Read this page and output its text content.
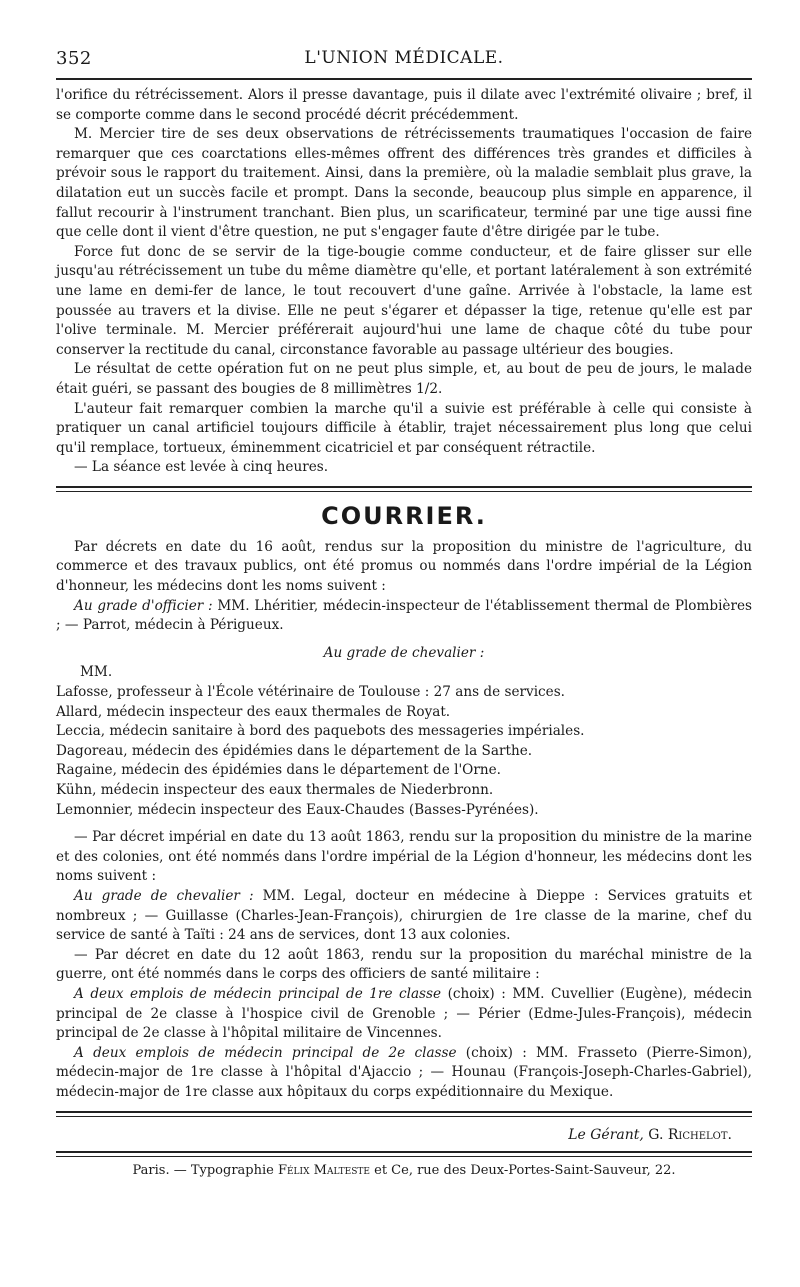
352	L'UNION MÉDICALE.

l'orifice du rétrécissement. Alors il presse davantage, puis il dilate avec l'extrémité olivaire ; bref, il se comporte comme dans le second procédé décrit précédemment.

M. Mercier tire de ses deux observations de rétrécissements traumatiques l'occasion de faire remarquer que ces coarctations elles-mêmes offrent des différences très grandes et difficiles à prévoir sous le rapport du traitement. Ainsi, dans la première, où la maladie semblait plus grave, la dilatation eut un succès facile et prompt. Dans la seconde, beaucoup plus simple en apparence, il fallut recourir à l'instrument tranchant. Bien plus, un scarificateur, terminé par une tige aussi fine que celle dont il vient d'être question, ne put s'engager faute d'être dirigée par le tube.

Force fut donc de se servir de la tige-bougie comme conducteur, et de faire glisser sur elle jusqu'au rétrécissement un tube du même diamètre qu'elle, et portant latéralement à son extrémité une lame en demi-fer de lance, le tout recouvert d'une gaîne. Arrivée à l'obstacle, la lame est poussée au travers et la divise. Elle ne peut s'égarer et dépasser la tige, retenue qu'elle est par l'olive terminale. M. Mercier préférerait aujourd'hui une lame de chaque côté du tube pour conserver la rectitude du canal, circonstance favorable au passage ultérieur des bougies.

Le résultat de cette opération fut on ne peut plus simple, et, au bout de peu de jours, le malade était guéri, se passant des bougies de 8 millimètres 1/2.

L'auteur fait remarquer combien la marche qu'il a suivie est préférable à celle qui consiste à pratiquer un canal artificiel toujours difficile à établir, trajet nécessairement plus long que celui qu'il remplace, tortueux, éminemment cicatriciel et par conséquent rétractile.

— La séance est levée à cinq heures.

COURRIER.

Par décrets en date du 16 août, rendus sur la proposition du ministre de l'agriculture, du commerce et des travaux publics, ont été promus ou nommés dans l'ordre impérial de la Légion d'honneur, les médecins dont les noms suivent :

Au grade d'officier : MM. Lhéritier, médecin-inspecteur de l'établissement thermal de Plombières ; — Parrot, médecin à Périgueux.

Au grade de chevalier :

MM.

Lafosse, professeur à l'École vétérinaire de Toulouse : 27 ans de services.

Allard, médecin inspecteur des eaux thermales de Royat.

Leccia, médecin sanitaire à bord des paquebots des messageries impériales.

Dagoreau, médecin des épidémies dans le département de la Sarthe.

Ragaine, médecin des épidémies dans le département de l'Orne.

Kühn, médecin inspecteur des eaux thermales de Niederbronn.

Lemonnier, médecin inspecteur des Eaux-Chaudes (Basses-Pyrénées).

— Par décret impérial en date du 13 août 1863, rendu sur la proposition du ministre de la marine et des colonies, ont été nommés dans l'ordre impérial de la Légion d'honneur, les médecins dont les noms suivent :

Au grade de chevalier : MM. Legal, docteur en médecine à Dieppe : Services gratuits et nombreux ; — Guillasse (Charles-Jean-François), chirurgien de 1re classe de la marine, chef du service de santé à Taïti : 24 ans de services, dont 13 aux colonies.

— Par décret en date du 12 août 1863, rendu sur la proposition du maréchal ministre de la guerre, ont été nommés dans le corps des officiers de santé militaire :

A deux emplois de médecin principal de 1re classe (choix) : MM. Cuvellier (Eugène), médecin principal de 2e classe à l'hospice civil de Grenoble ; — Périer (Edme-Jules-François), médecin principal de 2e classe à l'hôpital militaire de Vincennes.

A deux emplois de médecin principal de 2e classe (choix) : MM. Frasseto (Pierre-Simon), médecin-major de 1re classe à l'hôpital d'Ajaccio ; — Hounau (François-Joseph-Charles-Gabriel), médecin-major de 1re classe aux hôpitaux du corps expéditionnaire du Mexique.

Le Gérant, G. Richelot.
Paris. — Typographie Félix Malteste et Ce, rue des Deux-Portes-Saint-Sauveur, 22.
